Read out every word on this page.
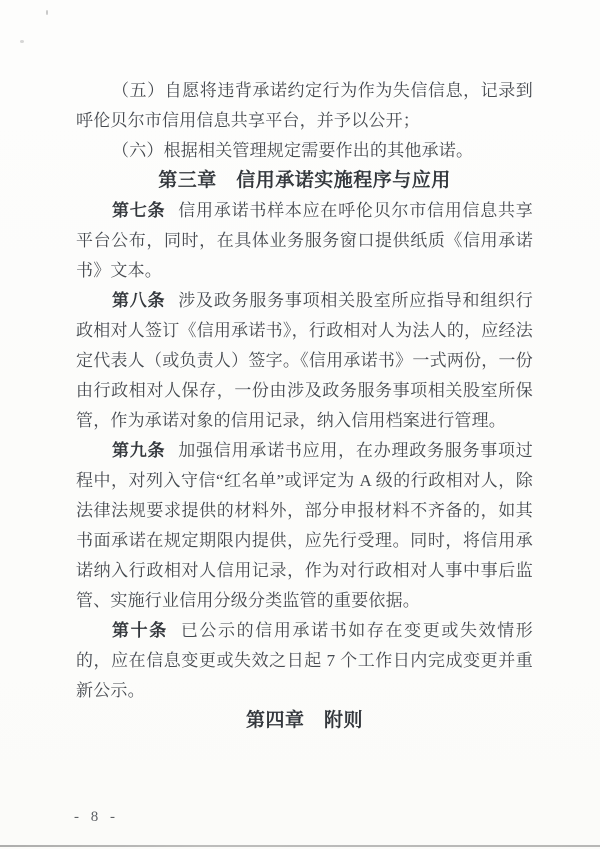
（五）自愿将违背承诺约定行为作为失信信息，记录到呼伦贝尔市信用信息共享平台，并予以公开；

（六）根据相关管理规定需要作出的其他承诺。

第三章　信用承诺实施程序与应用

第七条 信用承诺书样本应在呼伦贝尔市信用信息共享平台公布，同时，在具体业务服务窗口提供纸质《信用承诺书》文本。

第八条 涉及政务服务事项相关股室所应指导和组织行政相对人签订《信用承诺书》，行政相对人为法人的，应经法定代表人（或负责人）签字。《信用承诺书》一式两份，一份由行政相对人保存，一份由涉及政务服务事项相关股室所保管，作为承诺对象的信用记录，纳入信用档案进行管理。

第九条 加强信用承诺书应用，在办理政务服务事项过程中，对列入守信“红名单”或评定为 A 级的行政相对人，除法律法规要求提供的材料外，部分申报材料不齐备的，如其书面承诺在规定期限内提供，应先行受理。同时，将信用承诺纳入行政相对人信用记录，作为对行政相对人事中事后监管、实施行业信用分级分类监管的重要依据。

第十条 已公示的信用承诺书如存在变更或失效情形的，应在信息变更或失效之日起 7 个工作日内完成变更并重新公示。

第四章　附则
- 8 -
